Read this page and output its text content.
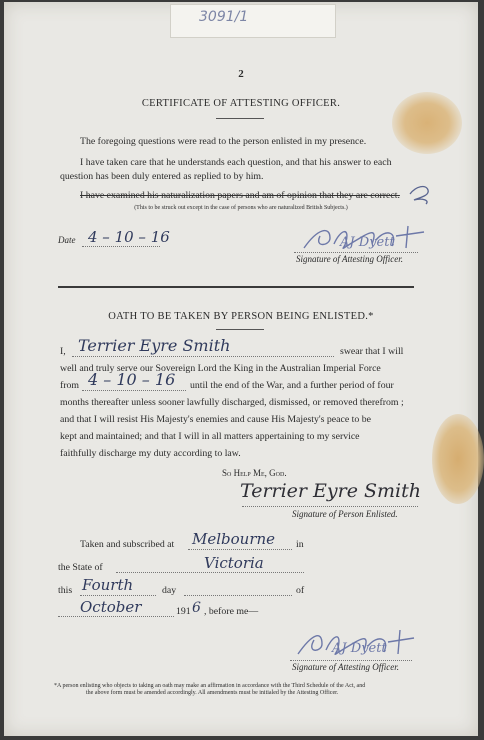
3091/1
2
CERTIFICATE OF ATTESTING OFFICER.
The foregoing questions were read to the person enlisted in my presence.
I have taken care that he understands each question, and that his answer to each
question has been duly entered as replied to by him.
I have examined his naturalization papers and am of opinion that they are correct.
(This to be struck out except in the case of persons who are naturalized British Subjects.)
Date 4 – 10 – 16	AJ Dyett
Signature of Attesting Officer.
OATH TO BE TAKEN BY PERSON BEING ENLISTED.*
I, Terrier Eyre Smith	swear that I will
well and truly serve our Sovereign Lord the King in the Australian Imperial Force
from 4 – 10 – 16 until the end of the War, and a further period of four
months thereafter unless sooner lawfully discharged, dismissed, or removed therefrom ;
and that I will resist His Majesty's enemies and cause His Majesty's peace to be
kept and maintained; and that I will in all matters appertaining to my service
faithfully discharge my duty according to law.
So Help Me, God.
Terrier Eyre Smith
Signature of Person Enlisted.
Taken and subscribed at Melbourne in
the State of	Victoria
this Fourth	day	of
October	191 6 , before me—
AJ Dyett
Signature of Attesting Officer.
*A person enlisting who objects to taking an oath may make an affirmation in accordance with the Third Schedule of the Act, and
the above form must be amended accordingly. All amendments must be initialed by the Attesting Officer.
